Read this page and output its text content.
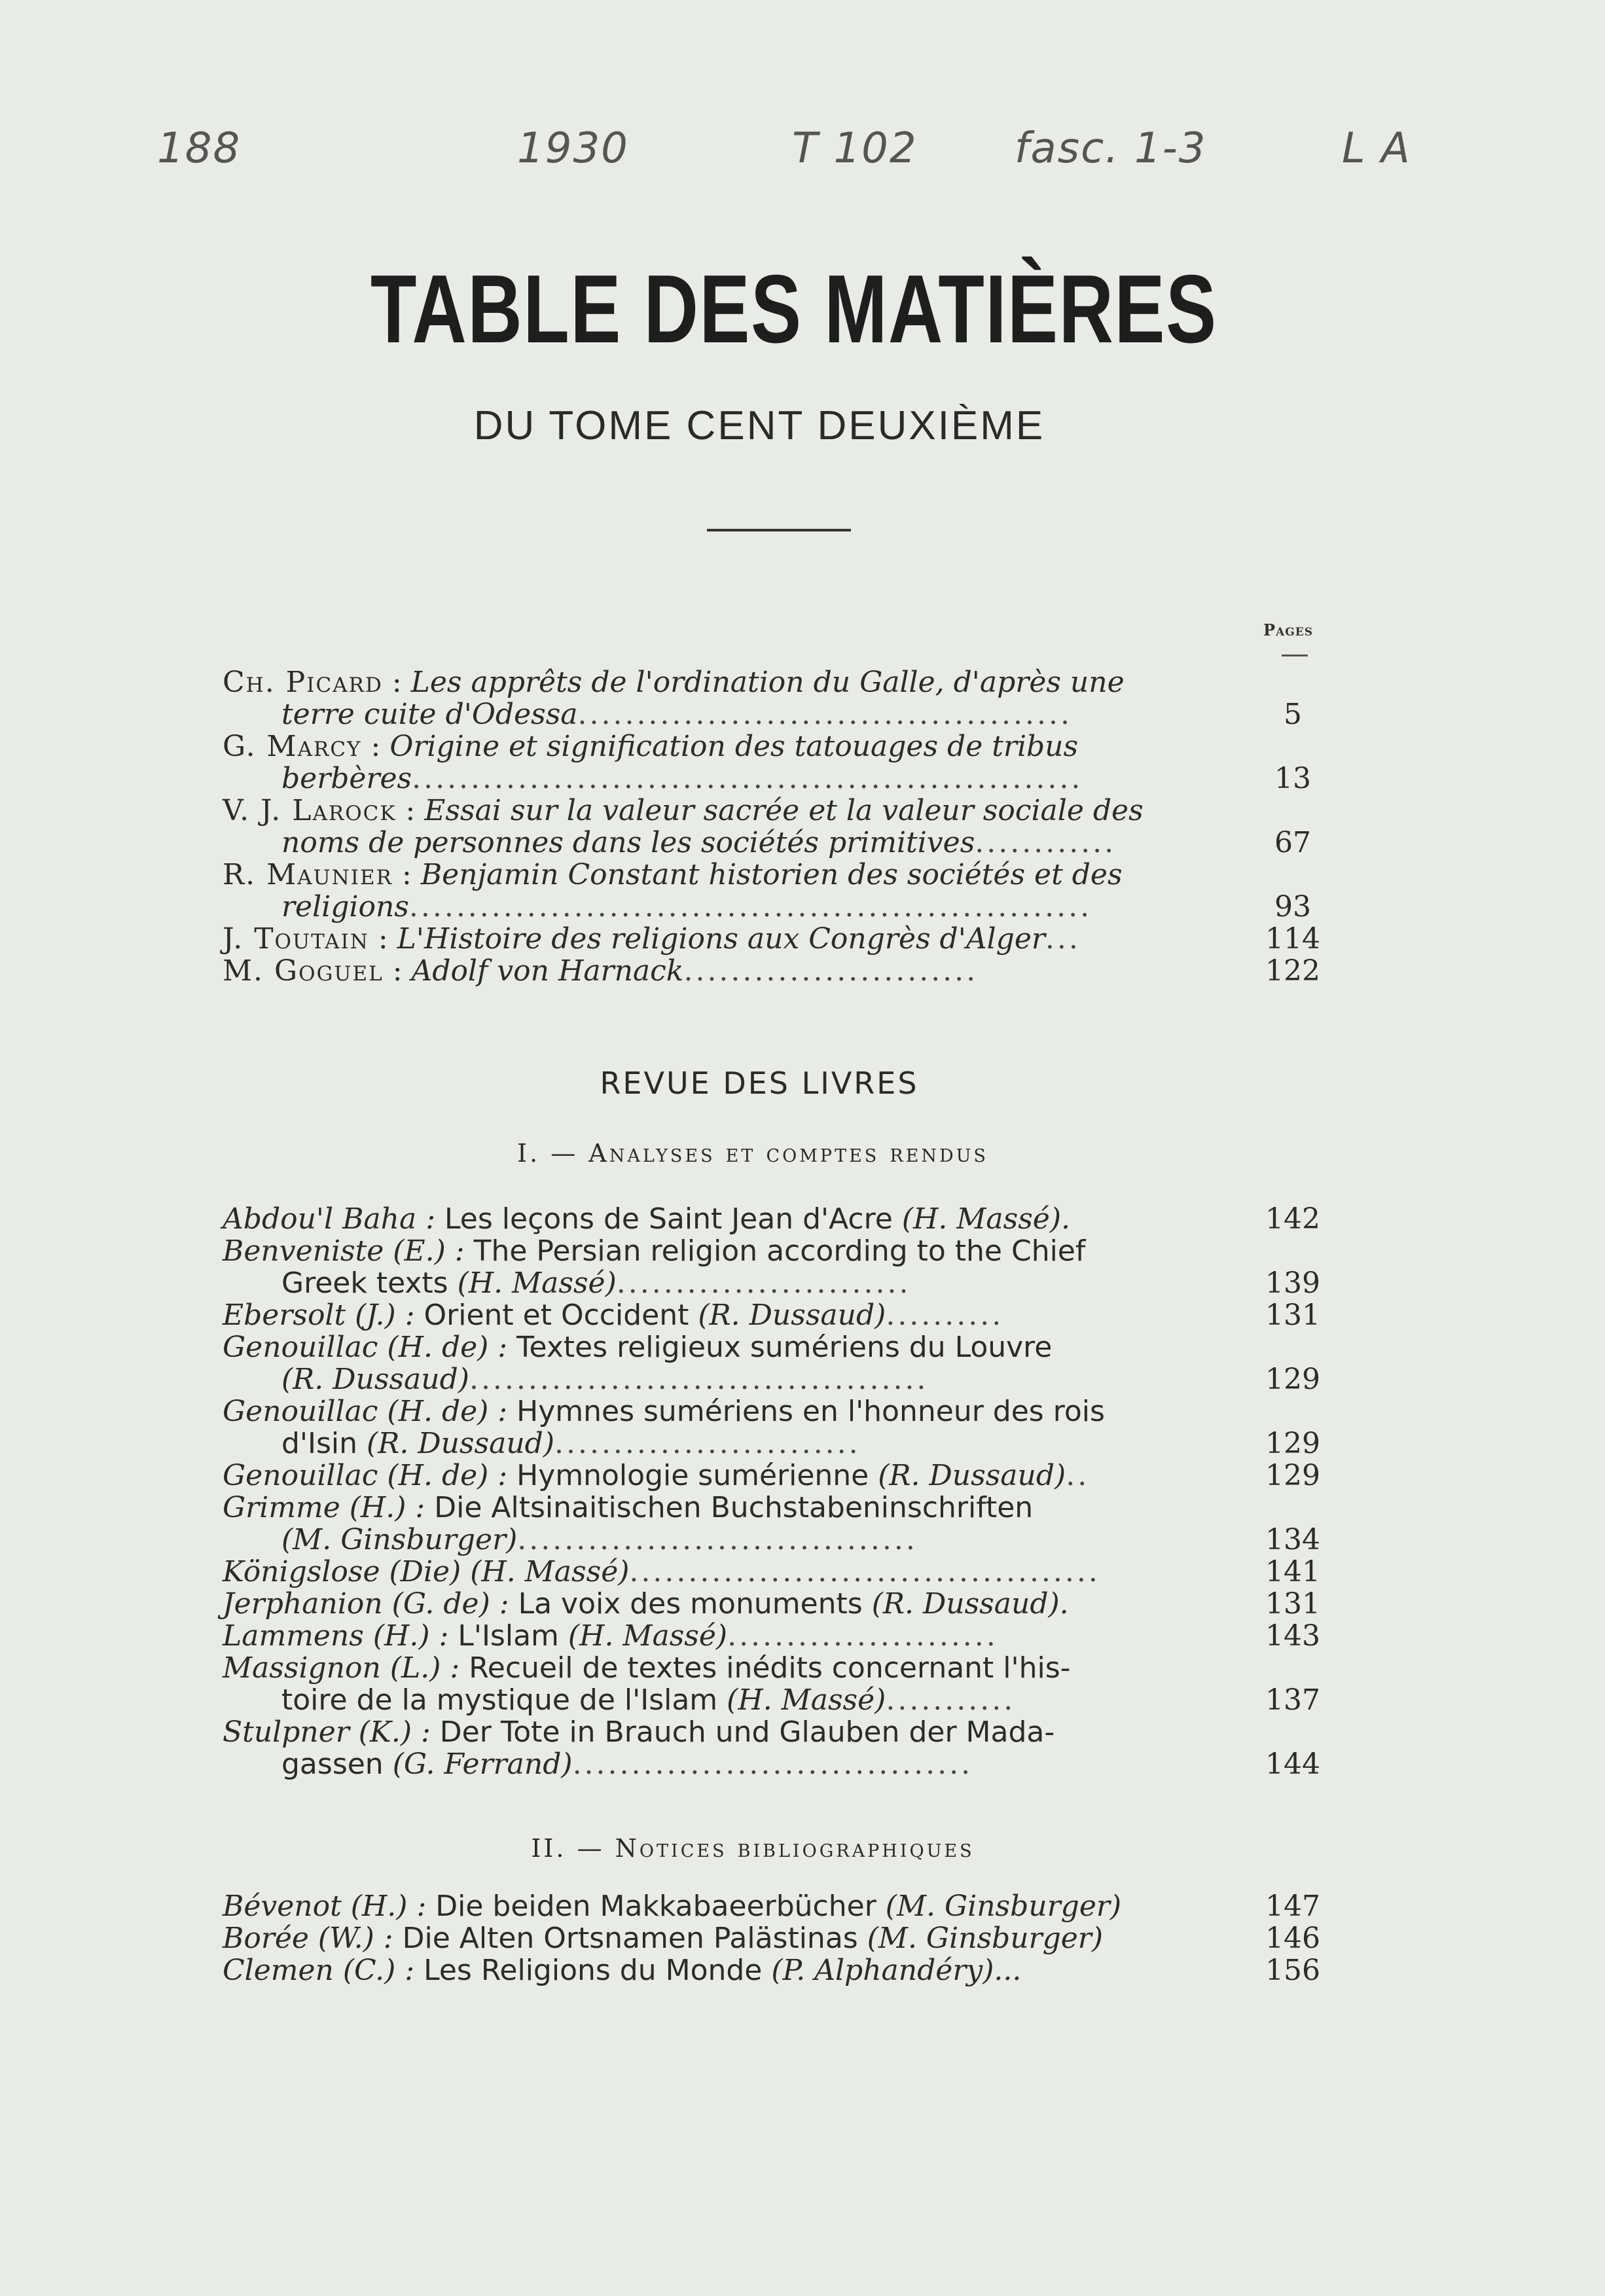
188	1930	T 102 fasc. 1-3	L A
TABLE DES MATIÈRES
DU TOME CENT DEUXIÈME
Pages
Ch. Picard : Les apprêts de l'ordination du Galle, d'après une
terre cuite d'Odessa..........................................	5
G. Marcy : Origine et signification des tatouages de tribus
berbères.........................................................	13
V. J. Larock : Essai sur la valeur sacrée et la valeur sociale des
noms de personnes dans les sociétés primitives............	67
R. Maunier : Benjamin Constant historien des sociétés et des
religions..........................................................	93
J. Toutain : L'Histoire des religions aux Congrès d'Alger...	114
M. Goguel : Adolf von Harnack.........................	122
REVUE DES LIVRES
I. — Analyses et comptes rendus
Abdou'l Baha : Les leçons de Saint Jean d'Acre (H. Massé).	142
Benveniste (E.) : The Persian religion according to the Chief
Greek texts (H. Massé).........................	139
Ebersolt (J.) : Orient et Occident (R. Dussaud)..........	131
Genouillac (H. de) : Textes religieux sumériens du Louvre
(R. Dussaud).......................................	129
Genouillac (H. de) : Hymnes sumériens en l'honneur des rois
d'Isin (R. Dussaud)..........................	129
Genouillac (H. de) : Hymnologie sumérienne (R. Dussaud)..	129
Grimme (H.) : Die Altsinaitischen Buchstabeninschriften
(M. Ginsburger)..................................	134
Königslose (Die) (H. Massé)........................................	141
Jerphanion (G. de) : La voix des monuments (R. Dussaud).	131
Lammens (H.) : L'Islam (H. Massé).......................	143
Massignon (L.) : Recueil de textes inédits concernant l'his-
toire de la mystique de l'Islam (H. Massé)...........	137
Stulpner (K.) : Der Tote in Brauch und Glauben der Mada-
gassen (G. Ferrand)..................................	144
II. — Notices bibliographiques
Bévenot (H.) : Die beiden Makkabaeerbücher (M. Ginsburger)	147
Borée (W.) : Die Alten Ortsnamen Palästinas (M. Ginsburger)	146
Clemen (C.) : Les Religions du Monde (P. Alphandéry)...	156
